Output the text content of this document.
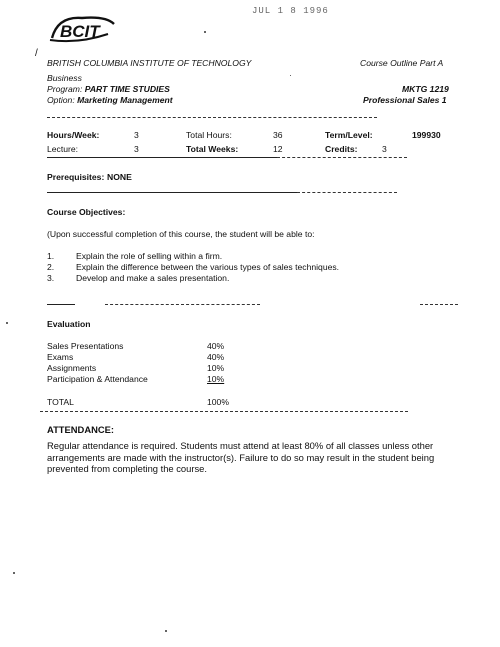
BCIT
JUL 1 8 1996
/
BRITISH COLUMBIA INSTITUTE OF TECHNOLOGY	Course Outline Part A
Business
Program: PART TIME STUDIES	MKTG 1219
Option: Marketing Management	Professional Sales 1
Hours/Week:	3	Total Hours:	36	Term/Level:	199930
Lecture:	3	Total Weeks:	12	Credits:	3
Prerequisites: NONE
Course Objectives:
(Upon successful completion of this course, the student will be able to:
1.	Explain the role of selling within a firm.
2.	Explain the difference between the various types of sales techniques.
3.	Develop and make a sales presentation.
Evaluation
Sales Presentations	40%
Exams	40%
Assignments	10%
Participation & Attendance	10%
TOTAL	100%
ATTENDANCE:
Regular attendance is required. Students must attend at least 80% of all classes unless other arrangements are made with the instructor(s). Failure to do so may result in the student being prevented from completing the course.
